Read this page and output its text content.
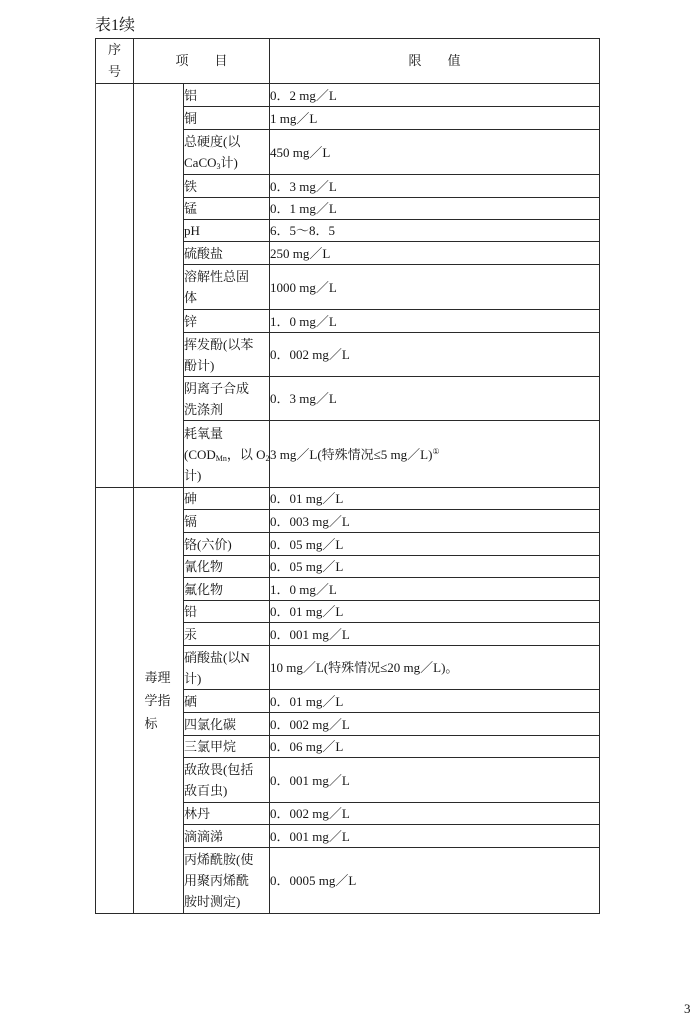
表1续
序
号	项　　目		限　　值
		铝	0．2 mg／L
		铜	1 mg／L

		总硬度(以
CaCO$_3$计)	450 mg／L
		铁	0．3 mg／L
		锰	0．1 mg／L
		pH	6．5～8．5
		硫酸盐	250 mg／L

		溶解性总固
体	1000 mg／L
		锌	1．0 mg／L

		挥发酚(以苯
酚计)	0．002 mg／L

		阴离子合成
洗涤剂	0．3 mg／L

		耗氧量
($COD_{Mn}$，以 $O_2$
计)	3 mg／L(特殊情况≤5 mg／L)①
	毒理学指标	砷	0．01 mg／L
		镉	0．003 mg／L
		铬(六价)	0．05 mg／L
		氰化物	0．05 mg／L
		氟化物	1．0 mg／L
		铅	0．01 mg／L
		汞	0．001 mg／L

		硝酸盐(以N
计)	10 mg／L(特殊情况≤20 mg／L)。
		硒	0．01 mg／L
		四氯化碳	0．002 mg／L
		三氯甲烷	0．06 mg／L

		敌敌畏(包括
敌百虫)	0．001 mg／L
		林丹	0．002 mg／L
		滴滴涕	0．001 mg／L

		丙烯酰胺(使
用聚丙烯酰
胺时测定)	0．0005 mg／L
3
